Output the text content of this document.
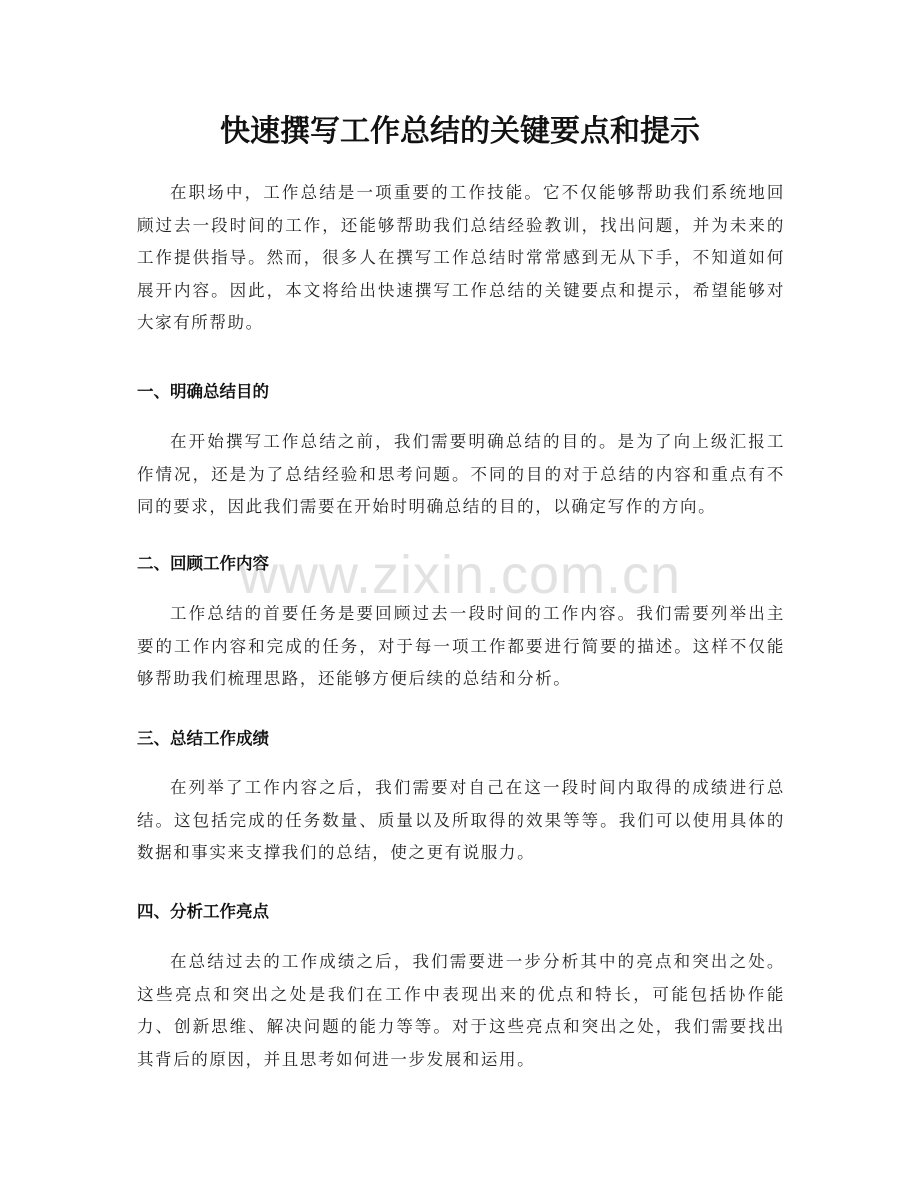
快速撰写工作总结的关键要点和提示

在职场中，工作总结是一项重要的工作技能。它不仅能够帮助我们系统地回顾过去一段时间的工作，还能够帮助我们总结经验教训，找出问题，并为未来的工作提供指导。然而，很多人在撰写工作总结时常常感到无从下手，不知道如何展开内容。因此，本文将给出快速撰写工作总结的关键要点和提示，希望能够对大家有所帮助。

一、明确总结目的

在开始撰写工作总结之前，我们需要明确总结的目的。是为了向上级汇报工作情况，还是为了总结经验和思考问题。不同的目的对于总结的内容和重点有不同的要求，因此我们需要在开始时明确总结的目的，以确定写作的方向。

二、回顾工作内容

工作总结的首要任务是要回顾过去一段时间的工作内容。我们需要列举出主要的工作内容和完成的任务，对于每一项工作都要进行简要的描述。这样不仅能够帮助我们梳理思路，还能够方便后续的总结和分析。

三、总结工作成绩

在列举了工作内容之后，我们需要对自己在这一段时间内取得的成绩进行总结。这包括完成的任务数量、质量以及所取得的效果等等。我们可以使用具体的数据和事实来支撑我们的总结，使之更有说服力。

四、分析工作亮点

在总结过去的工作成绩之后，我们需要进一步分析其中的亮点和突出之处。这些亮点和突出之处是我们在工作中表现出来的优点和特长，可能包括协作能力、创新思维、解决问题的能力等等。对于这些亮点和突出之处，我们需要找出其背后的原因，并且思考如何进一步发展和运用。

www.zixin.com.cn
